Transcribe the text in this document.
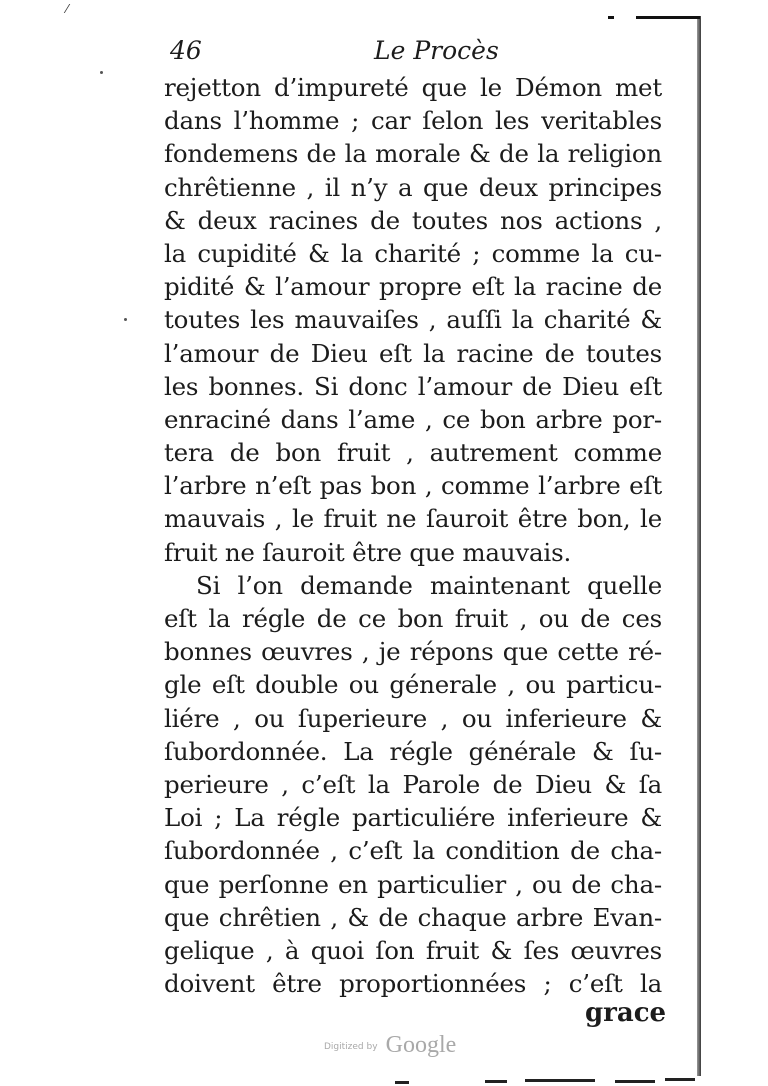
⁄
46	Le Procès
rejetton d’impureté que le Démon met
dans l’homme ; car ſelon les veritables
fondemens de la morale & de la religion
chrêtienne , il n’y a que deux principes
& deux racines de toutes nos actions ,
la cupidité & la charité ; comme la cu-
pidité & l’amour propre eſt la racine de
toutes les mauvaiſes , auſſi la charité &
l’amour de Dieu eſt la racine de toutes
les bonnes. Si donc l’amour de Dieu eſt
enraciné dans l’ame , ce bon arbre por-
tera de bon fruit , autrement comme
l’arbre n’eſt pas bon , comme l’arbre eſt
mauvais , le fruit ne ſauroit être bon, le
fruit ne ſauroit être que mauvais.
Si l’on demande maintenant quelle
eſt la régle de ce bon fruit , ou de ces
bonnes œuvres , je répons que cette ré-
gle eſt double ou génerale , ou particu-
liére , ou ſuperieure , ou inferieure &
ſubordonnée. La régle générale & ſu-
perieure , c’eſt la Parole de Dieu & ſa
Loi ; La régle particuliére inferieure &
ſubordonnée , c’eſt la condition de cha-
que perſonne en particulier , ou de cha-
que chrêtien , & de chaque arbre Evan-
gelique , à quoi ſon fruit & ſes œuvres
doivent être proportionnées ; c’eſt la
grace
Digitized by Google
